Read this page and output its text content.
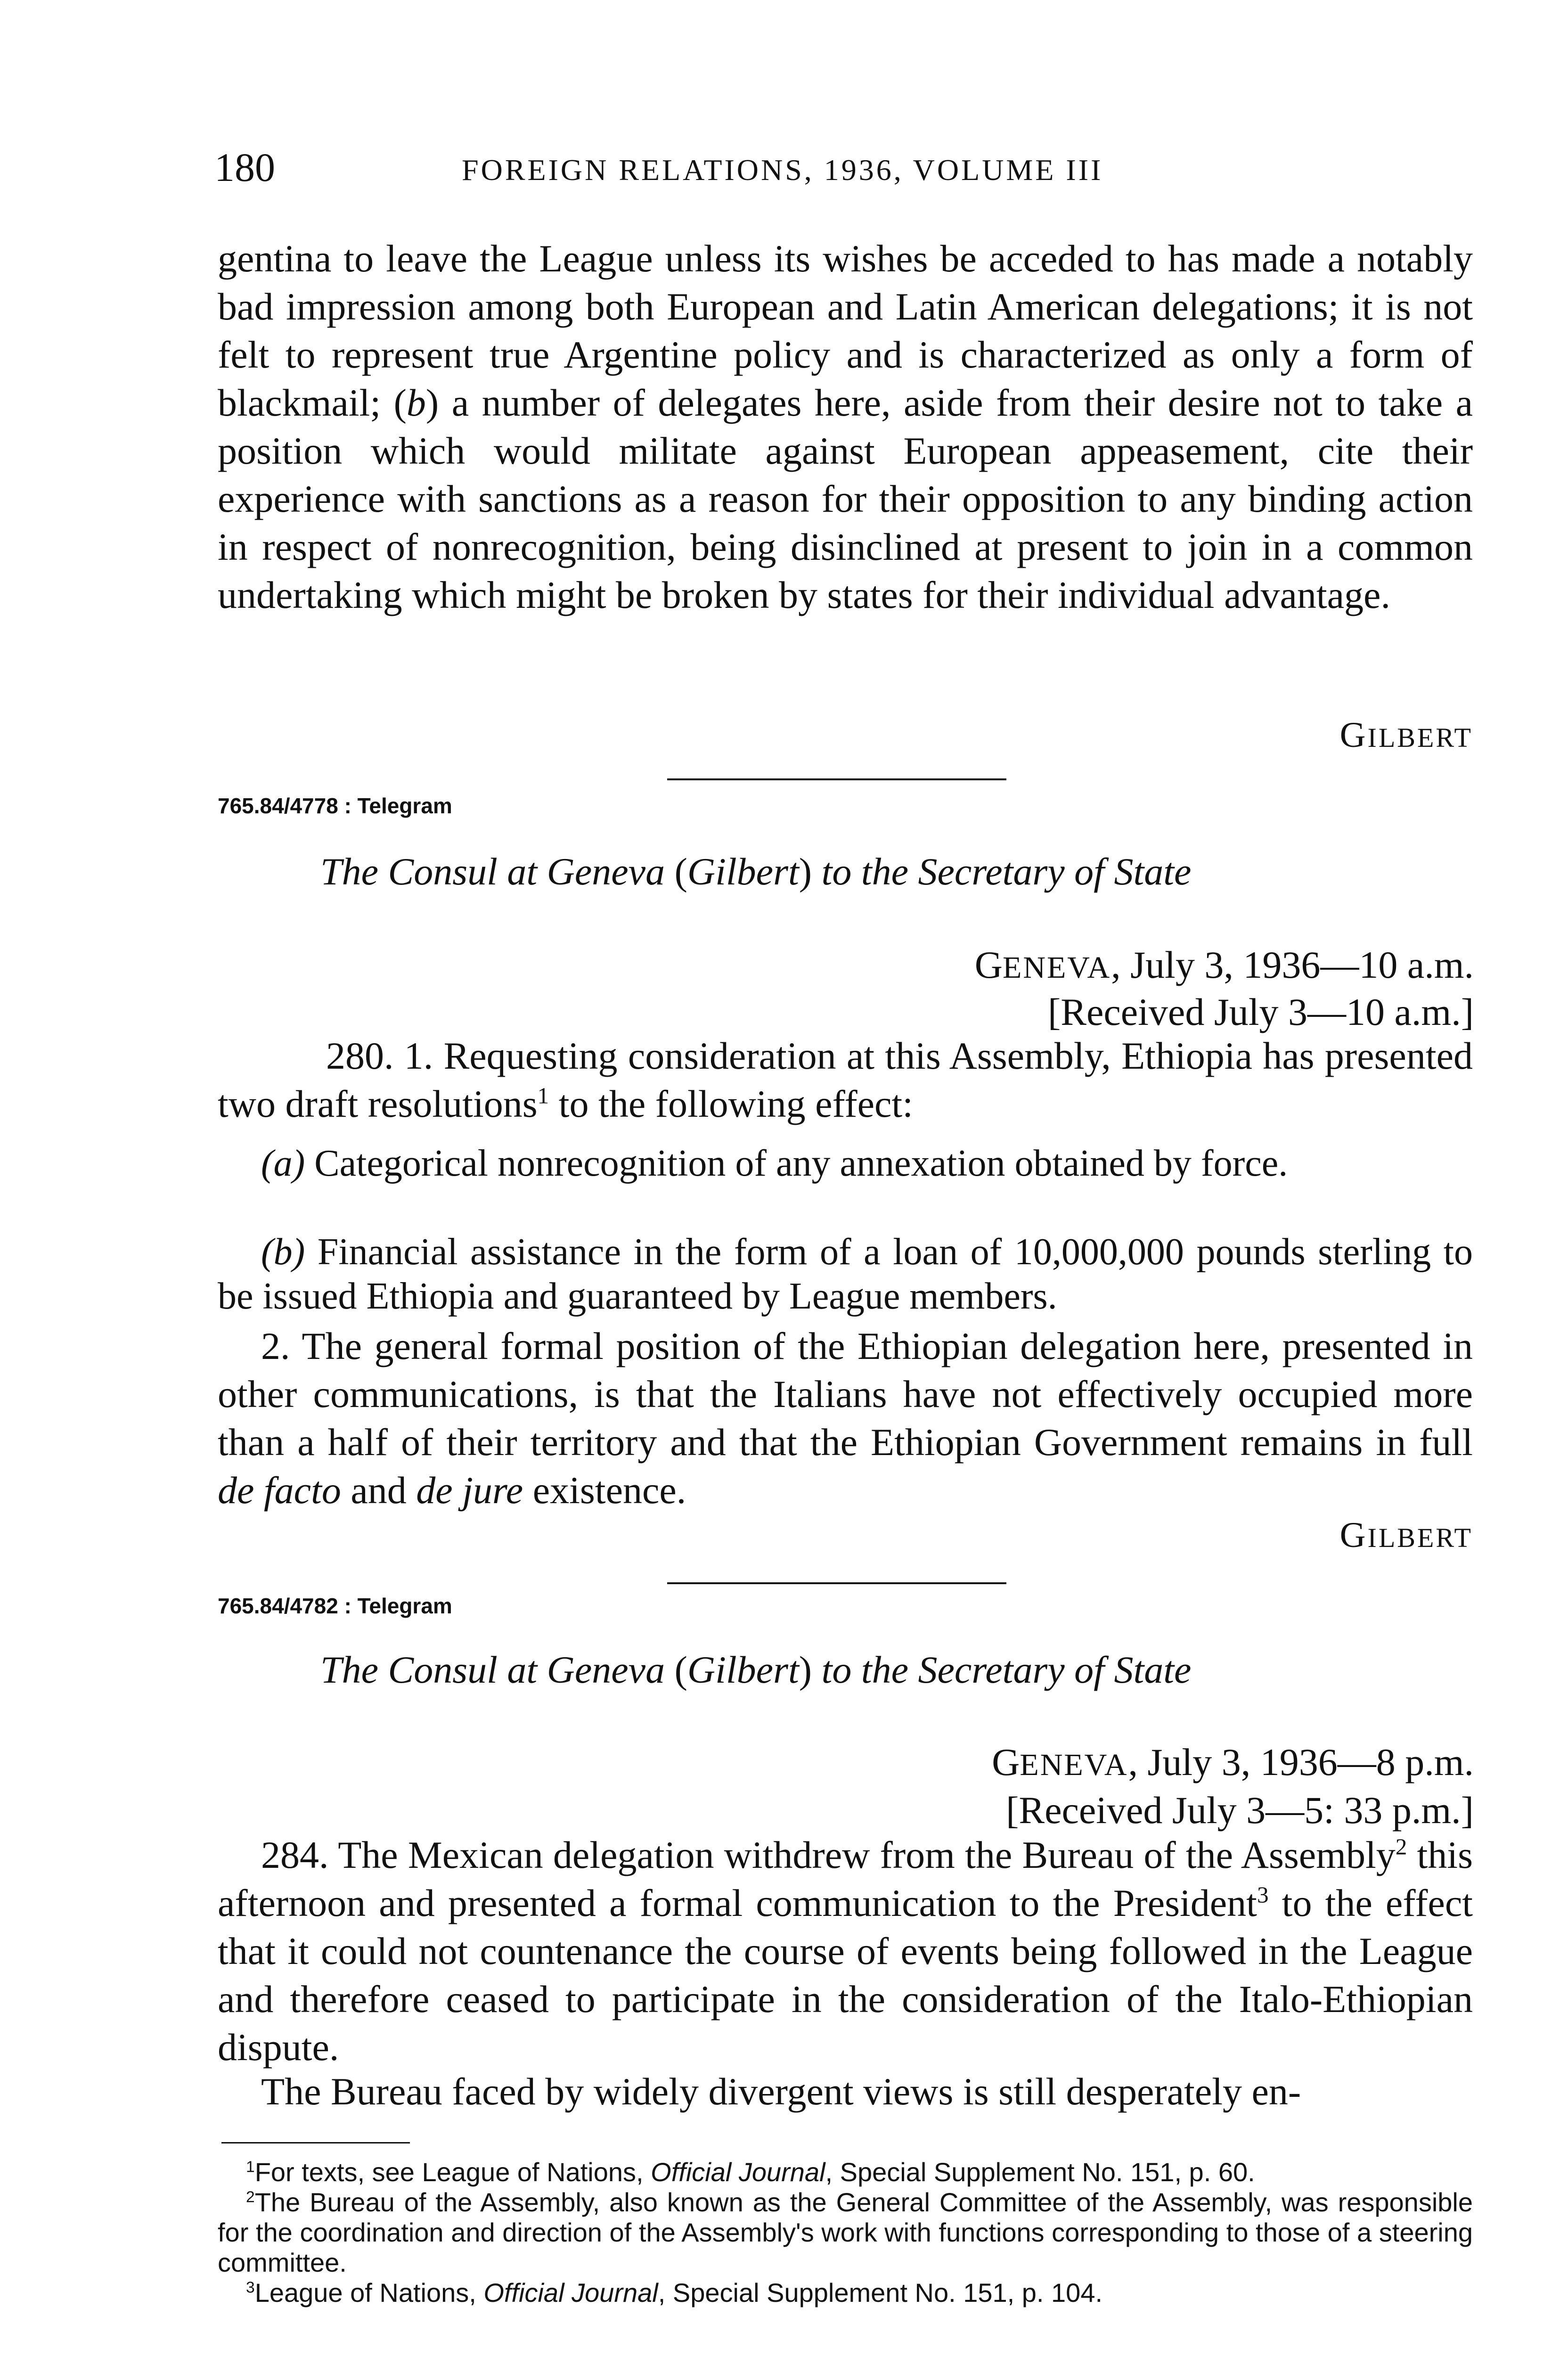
180	FOREIGN RELATIONS, 1936, VOLUME III

gentina to leave the League unless its wishes be acceded to has made a notably bad impression among both European and Latin American delegations; it is not felt to represent true Argentine policy and is characterized as only a form of blackmail; (b) a number of delegates here, aside from their desire not to take a position which would militate against European appeasement, cite their experience with sanctions as a reason for their opposition to any binding action in respect of nonrecognition, being disinclined at present to join in a common undertaking which might be broken by states for their individual advantage.

GILBERT
765.84/4778 : Telegram
The Consul at Geneva (Gilbert) to the Secretary of State
GENEVA, July 3, 1936—10 a.m.
[Received July 3—10 a.m.]

280. 1. Requesting consideration at this Assembly, Ethiopia has presented two draft resolutions$^1$ to the following effect:

(a) Categorical nonrecognition of any annexation obtained by force.

(b) Financial assistance in the form of a loan of 10,000,000 pounds sterling to be issued Ethiopia and guaranteed by League members.

2. The general formal position of the Ethiopian delegation here, presented in other communications, is that the Italians have not effectively occupied more than a half of their territory and that the Ethiopian Government remains in full de facto and de jure existence.

GILBERT
765.84/4782 : Telegram
The Consul at Geneva (Gilbert) to the Secretary of State
GENEVA, July 3, 1936—8 p.m.
[Received July 3—5: 33 p.m.]

284. The Mexican delegation withdrew from the Bureau of the Assembly$^2$ this afternoon and presented a formal communication to the President$^3$ to the effect that it could not countenance the course of events being followed in the League and therefore ceased to participate in the consideration of the Italo-Ethiopian dispute.

The Bureau faced by widely divergent views is still desperately en-

$^1$For texts, see League of Nations, Official Journal, Special Supplement No. 151, p. 60.

$^2$The Bureau of the Assembly, also known as the General Committee of the Assembly, was responsible for the coordination and direction of the Assembly's work with functions corresponding to those of a steering committee.

$^3$League of Nations, Official Journal, Special Supplement No. 151, p. 104.
